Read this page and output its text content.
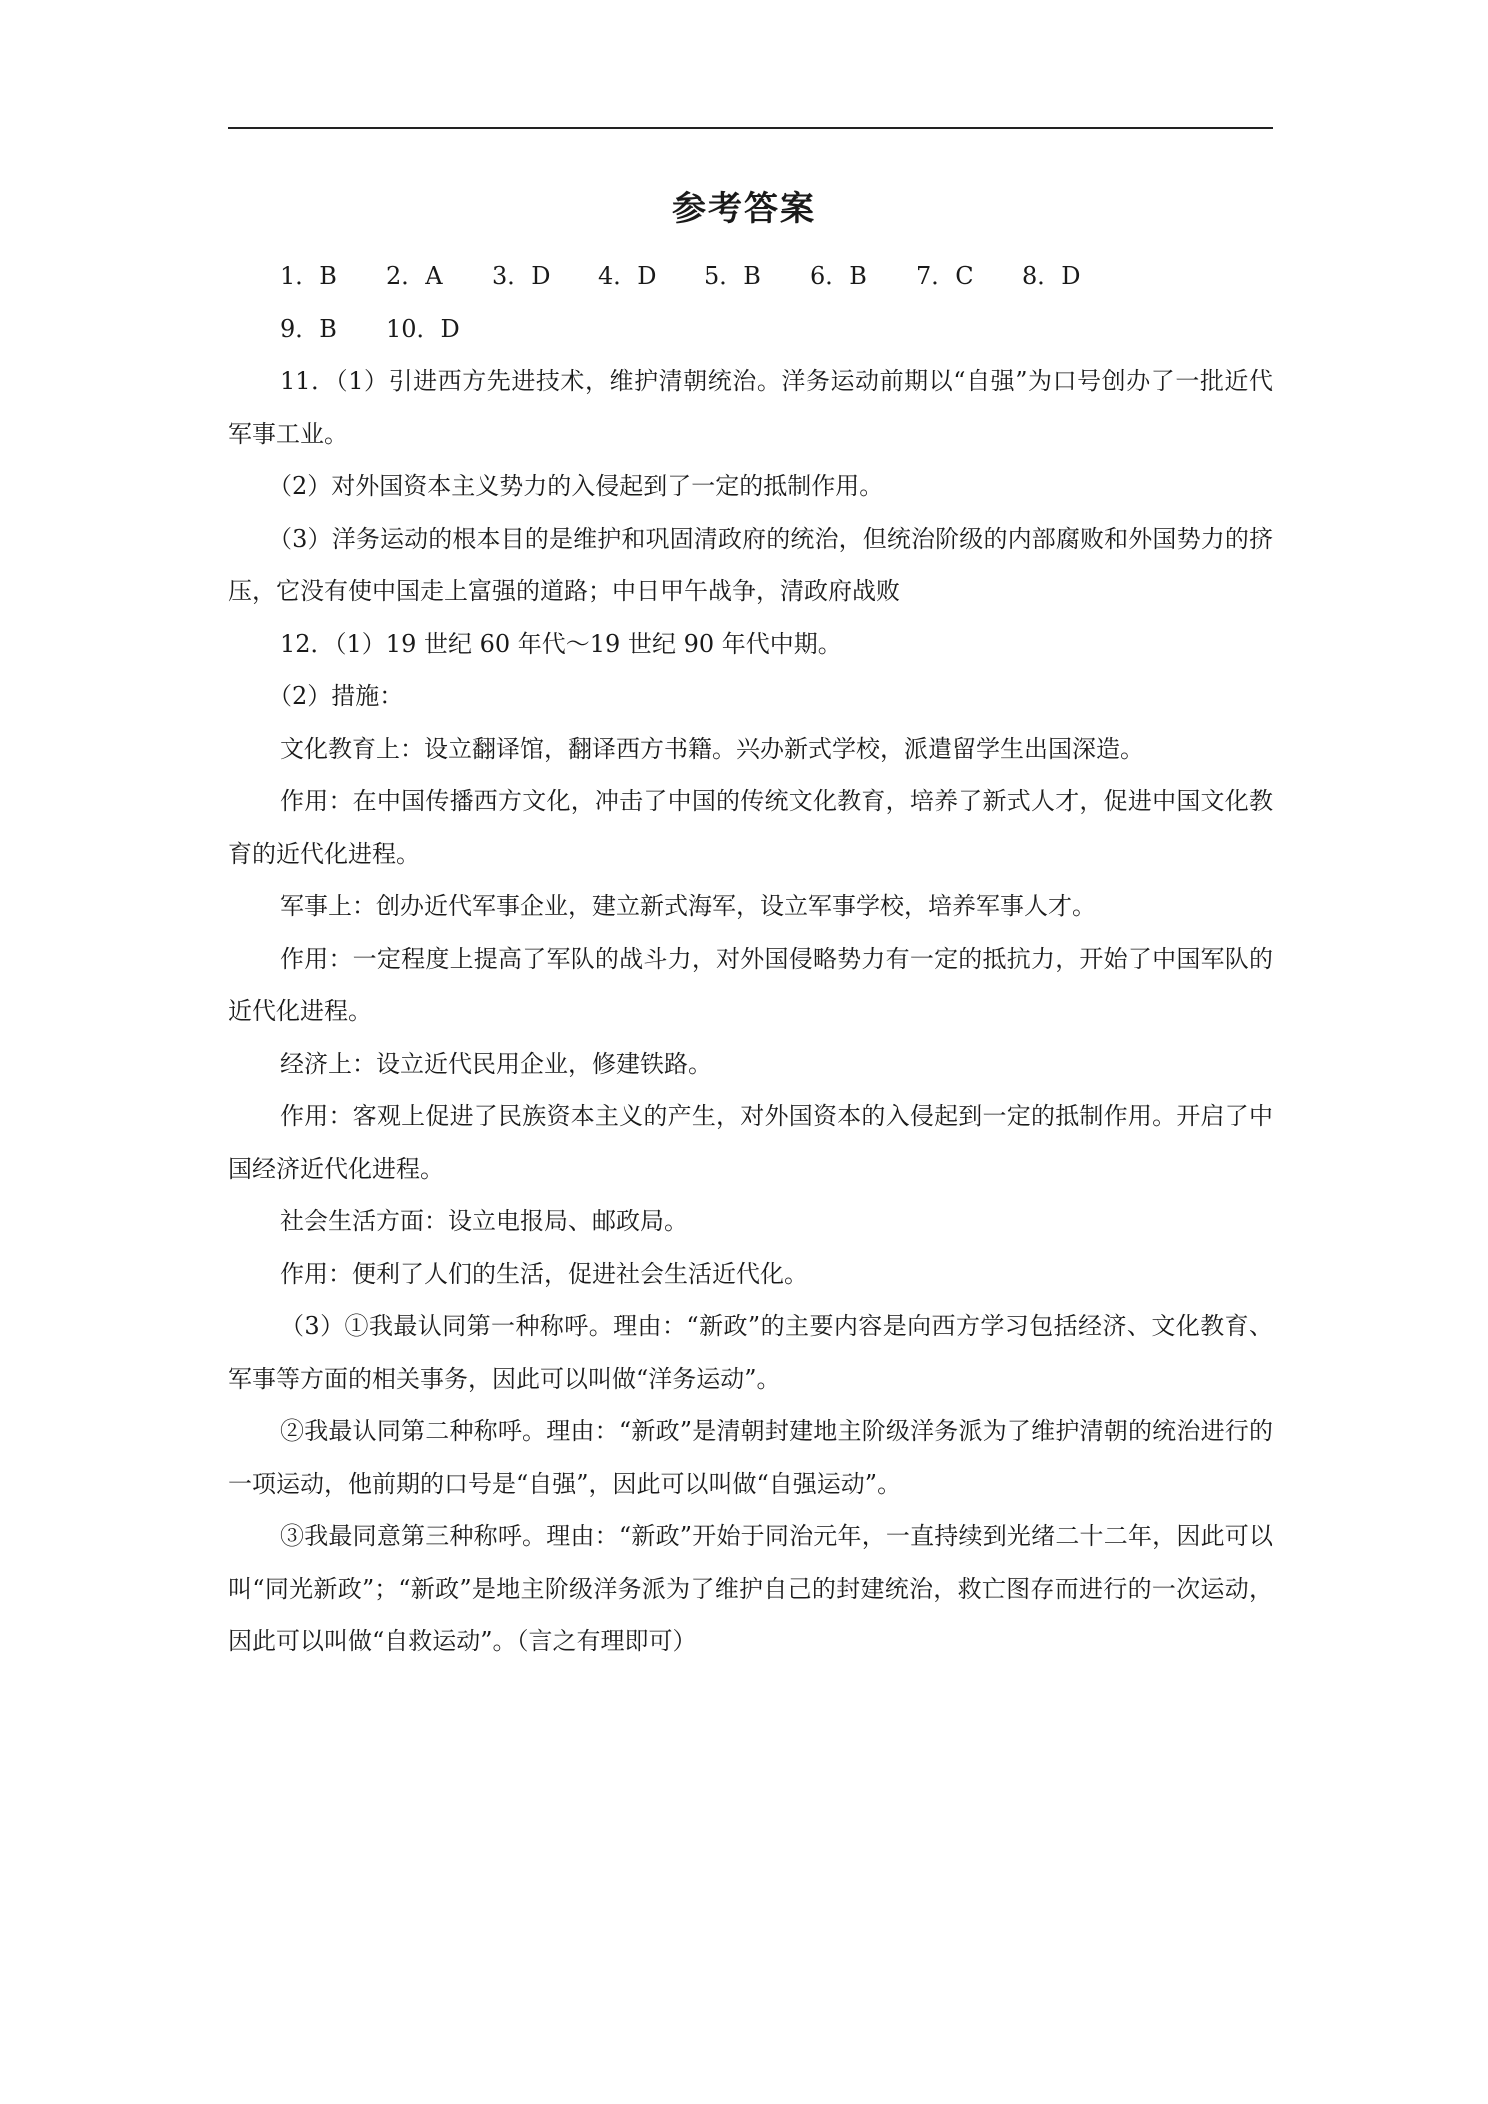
参考答案
1．B	2．A	3．D	4．D	5．B	6．B	7．C	8．D
9．B	10．D

11．（1）引进西方先进技术，维护清朝统治。洋务运动前期以“自强”为口号创办了一批近代军事工业。

（2）对外国资本主义势力的入侵起到了一定的抵制作用。

（3）洋务运动的根本目的是维护和巩固清政府的统治，但统治阶级的内部腐败和外国势力的挤压，它没有使中国走上富强的道路；中日甲午战争，清政府战败

12．（1）19 世纪 60 年代～19 世纪 90 年代中期。

（2）措施：

文化教育上：设立翻译馆，翻译西方书籍。兴办新式学校，派遣留学生出国深造。

作用：在中国传播西方文化，冲击了中国的传统文化教育，培养了新式人才，促进中国文化教育的近代化进程。

军事上：创办近代军事企业，建立新式海军，设立军事学校，培养军事人才。

作用：一定程度上提高了军队的战斗力，对外国侵略势力有一定的抵抗力，开始了中国军队的近代化进程。

经济上：设立近代民用企业，修建铁路。

作用：客观上促进了民族资本主义的产生，对外国资本的入侵起到一定的抵制作用。开启了中国经济近代化进程。

社会生活方面：设立电报局、邮政局。

作用：便利了人们的生活，促进社会生活近代化。

（3）①我最认同第一种称呼。理由：“新政”的主要内容是向西方学习包括经济、文化教育、军事等方面的相关事务，因此可以叫做“洋务运动”。

②我最认同第二种称呼。理由：“新政”是清朝封建地主阶级洋务派为了维护清朝的统治进行的一项运动，他前期的口号是“自强”，因此可以叫做“自强运动”。

③我最同意第三种称呼。理由：“新政”开始于同治元年，一直持续到光绪二十二年，因此可以叫“同光新政”；“新政”是地主阶级洋务派为了维护自己的封建统治，救亡图存而进行的一次运动，因此可以叫做“自救运动”。（言之有理即可）
